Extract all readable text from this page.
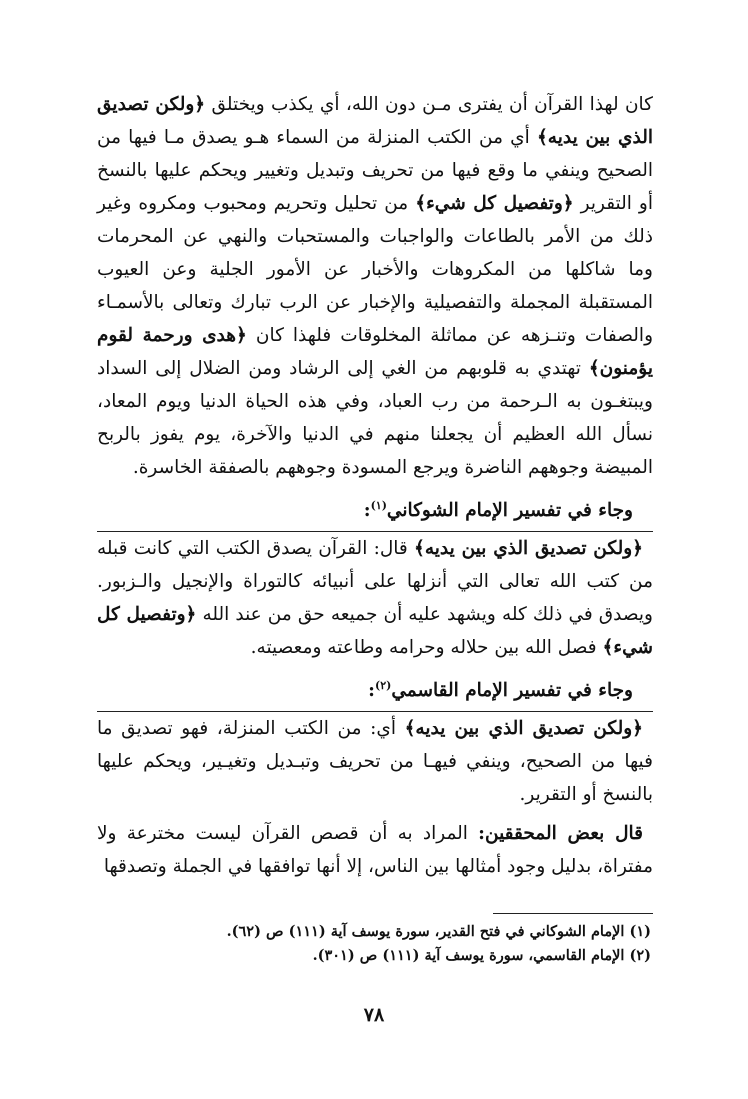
كان لهذا القرآن أن يفترى مـن دون الله، أي يكذب ويختلق ﴿ولكن تصديق الذي بين يديه﴾ أي من الكتب المنزلة من السماء هـو يصدق مـا فيها من الصحيح وينفي ما وقع فيها من تحريف وتبديل وتغيير ويحكم عليها بالنسخ أو التقرير ﴿وتفصيل كل شيء﴾ من تحليل وتحريم ومحبوب ومكروه وغير ذلك من الأمر بالطاعات والواجبات والمستحبات والنهي عن المحرمات وما شاكلها من المكروهات والأخبار عن الأمور الجلية وعن العيوب المستقبلة المجملة والتفصيلية والإخبار عن الرب تبارك وتعالى بالأسمـاء والصفات وتنـزهه عن مماثلة المخلوقات فلهذا كان ﴿هدى ورحمة لقوم يؤمنون﴾ تهتدي به قلوبهم من الغي إلى الرشاد ومن الضلال إلى السداد ويبتغـون به الـرحمة من رب العباد، وفي هذه الحياة الدنيا ويوم المعاد، نسأل الله العظيم أن يجعلنا منهم في الدنيا والآخرة، يوم يفوز بالربح المبيضة وجوههم الناضرة ويرجع المسودة وجوههم بالصفقة الخاسرة.

وجاء في تفسير الإمام الشوكاني$^{(١)}$:

﴿ولكن تصديق الذي بين يديه﴾ قال: القرآن يصدق الكتب التي كانت قبله من كتب الله تعالى التي أنزلها على أنبيائه كالتوراة والإنجيل والـزبور. ويصدق في ذلك كله ويشهد عليه أن جميعه حق من عند الله ﴿وتفصيل كل شيء﴾ فصل الله بين حلاله وحرامه وطاعته ومعصيته.

وجاء في تفسير الإمام القاسمي$^{(٢)}$:

﴿ولكن تصديق الذي بين يديه﴾ أي: من الكتب المنزلة، فهو تصديق ما فيها من الصحيح، وينفي فيهـا من تحريف وتبـديل وتغيـير، ويحكم عليها بالنسخ أو التقرير.

قال بعض المحققين: المراد به أن قصص القرآن ليست مخترعة ولا مفتراة، بدليل وجود أمثالها بين الناس، إلا أنها توافقها في الجملة وتصدقها

(١) الإمام الشوكاني في فتح القدير، سورة يوسف آية (١١١) ص (٦٢).

(٢) الإمام القاسمي، سورة يوسف آية (١١١) ص (٣٠١).

٧٨
